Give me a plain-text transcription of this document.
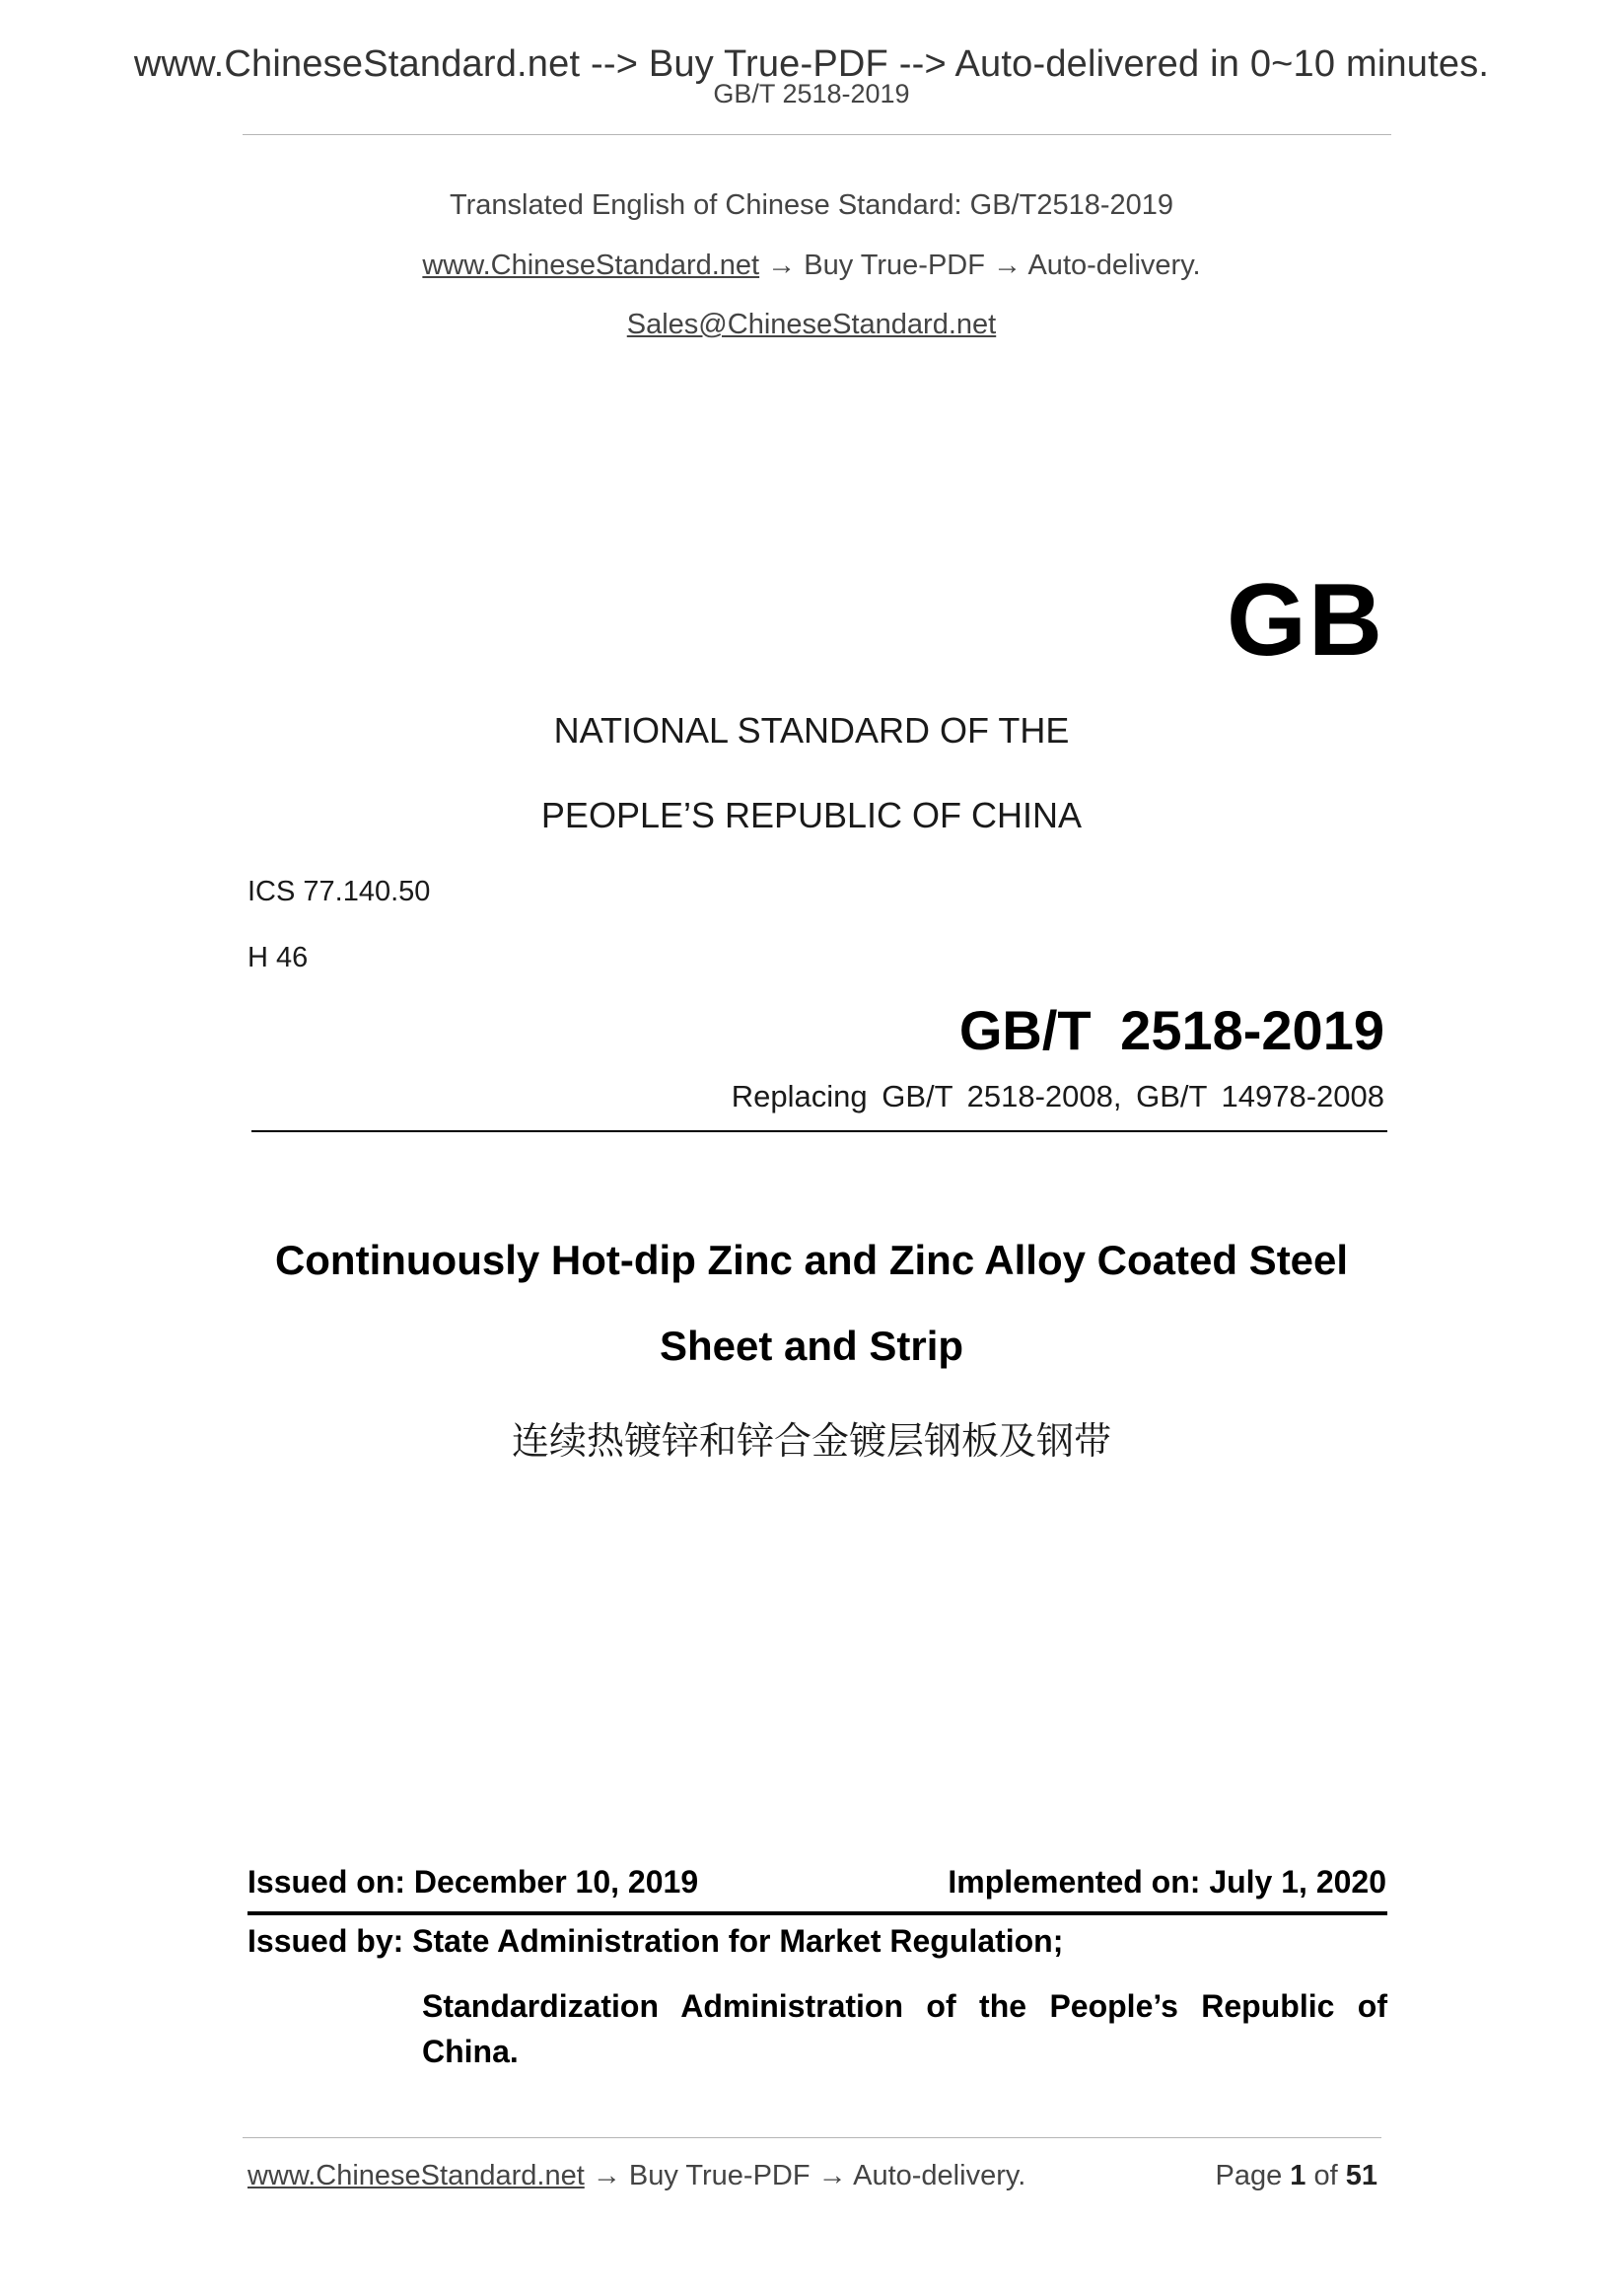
www.ChineseStandard.net --> Buy True-PDF --> Auto-delivered in 0~10 minutes.
GB/T 2518-2019
Translated English of Chinese Standard: GB/T2518-2019
www.ChineseStandard.net → Buy True-PDF → Auto-delivery.
Sales@ChineseStandard.net
GB
NATIONAL STANDARD OF THE
PEOPLE’S REPUBLIC OF CHINA
ICS 77.140.50
H 46
GB/T 2518-2019
Replacing GB/T 2518-2008, GB/T 14978-2008
Continuously Hot-dip Zinc and Zinc Alloy Coated Steel
Sheet and Strip
连续热镀锌和锌合金镀层钢板及钢带
Issued on: December 10, 2019	Implemented on: July 1, 2020
Issued by: State Administration for Market Regulation;
Standardization Administration of the People’s Republic of China.
www.ChineseStandard.net → Buy True-PDF → Auto-delivery.	Page 1 of 51
